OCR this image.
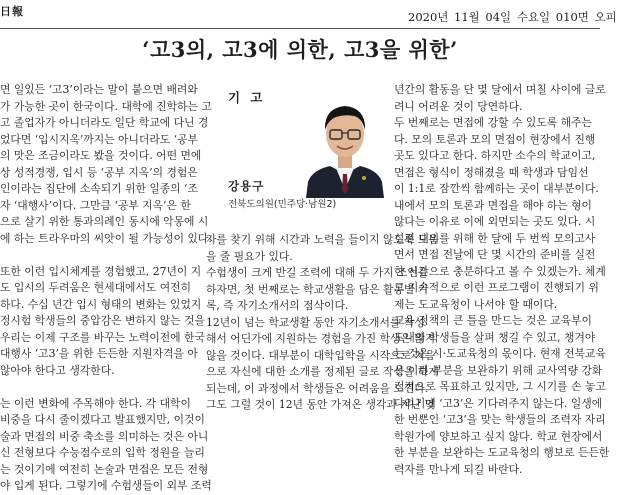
日報	2020년 11월 04일 수요일 010면 오피
‘고3의, 고3에 의한, 고3을 위한’

면 일있든 ‘고3’이라는 말이 붙으면 배려와

가 가능한 곳이 한국이다. 대학에 진학하는 고

고 졸업자가 아니더라도 일단 학교에 다닌 경

었다면 ‘입시지옥’까지는 아니더라도 ‘공부

의 맛은 조금이라도 봤을 것이다. 어떤 면에

상 성적경쟁, 입시 등 ‘공부 지옥’의 경험은

인이라는 집단에 소속되기 위한 일종의 ‘조

자 ‘대행사’이다. 그만큼 ‘공부 지옥’은 한

으로 살기 위한 통과의례인 동시에 악몽에 시

에 하는 트라우마의 씨앗이 될 가능성이 있다.

또한 이런 입시체계를 경험했고, 27년이 지

도 입시의 두려움은 현세대에서도 여전히

하다. 수십 년간 입시 형태의 변화는 있었지

정시험 학생들의 중압감은 변하지 않는 것을

우리는 이제 구조를 바꾸는 노력이전에 한국

대행사 ‘고3’을 위한 든든한 지원자격을 아

않아야 한다고 생각한다.

는 이런 변화에 주목해야 한다. 각 대학이

비중을 다시 줄이겠다고 발표했지만, 이것이

술과 면접의 비중 축소를 의미하는 것은 아니

신 전형보다 수능점수로의 입학 정원을 늘리

는 것이기에 여전히 논술과 면접은 모든 전형

야 입게 된다. 그렇기에 수험생들이 외부 조력

기 고
강용구
전북도의원(민주당·남원2)

자를 찾기 위해 시간과 노력을 들이지 않도록 도움

을 줄 필요가 있다.

수험생이 크게 반길 조력에 대해 두 가지 조언을

하자면, 첫 번째로는 학교생활을 담은 활동별 기

록, 즉 자기소개서의 점삭이다.

12년이 넘는 학교생활 동안 자기소개서를 작성

해서 어딘가에 지원하는 경험을 가진 학생은 많지

않을 것이다. 대부분이 대학입학을 시작으로 처음

으로 자신에 대한 소개를 정제된 글로 작성을 하게

되는데, 이 과정에서 학생들은 어려움을 느낀다.

그도 그럴 것이 12년 동안 가져온 생각과 지난 몇

년간의 활동을 단 몇 달에서 며칠 사이에 글로

려니 어려운 것이 당연하다.

두 번째로는 면접에 강할 수 있도록 해주는

다. 모의 토론과 모의 면접이 현장에서 진행

곳도 있다고 한다. 하지만 소수의 학교이고,

면접은 형식이 정해졌을 때 학생과 담임선

이 1:1로 잠깐씩 함께하는 곳이 대부분이다.

내에서 모의 토론과 면접을 해야 하는 형이

않다는 이유로 이에 외면되는 곳도 있다. 시

실전 대비를 위해 한 달에 두 번씩 모의고사

면서 면접 전날에 단 몇 시간의 준비를 실전

한 시간으로 충분하다고 볼 수 있겠는가. 체계

고 지속적으로 이런 프로그램이 진행되기 위

제는 도교육청이 나서야 할 때이다.

교육 정책의 큰 틀을 만드는 것은 교육부이

도내의 학생들을 살펴 챙길 수 있고, 챙겨야

는 것은 시·도교육청의 몫이다. 현재 전북교육

은 이런 부분을 보완하기 위해 교사역량 강화

점적으로 목표하고 있지만, 그 시기를 손 놓고

다리기에 ‘고3’은 기다려주지 않는다. 일생에

한 번뿐인 ‘고3’을 맞는 학생들의 조력자 자리

학원가에 양보하고 싶지 않다. 학교 현장에서

한 부분을 보완하는 도교육청의 행보로 든든한

력자를 만나게 되길 바란다.
